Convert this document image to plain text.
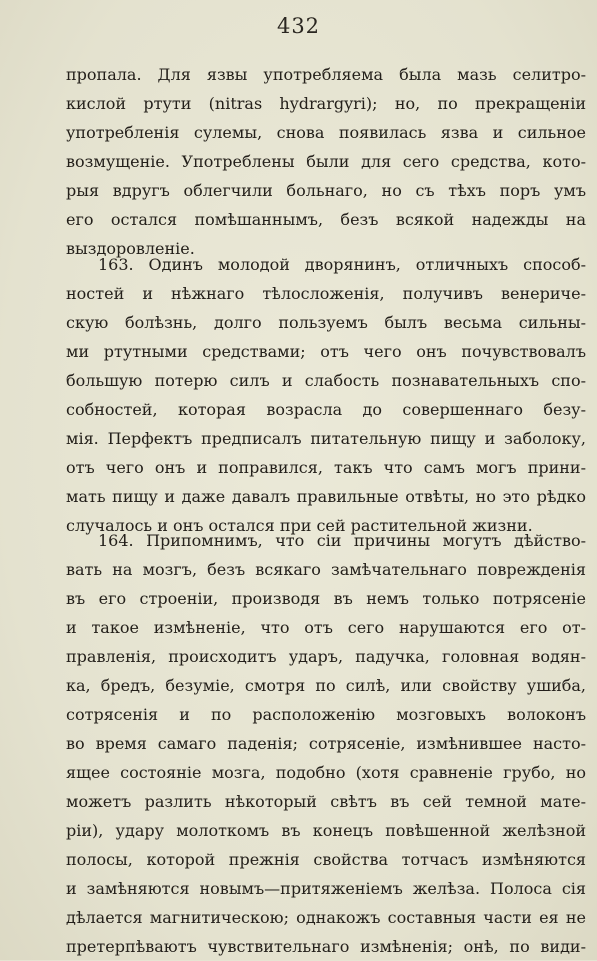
432
пропала. Для язвы употребляема была мазь селитро-
кислой ртути (nitras hydrargyri); но, по прекращеніи
употребленія сулемы, снова появилась язва и сильное
возмущеніе. Употреблены были для сего средства, кото-
рыя вдругъ облегчили больнаго, но съ тѣхъ поръ умъ
его остался помѣшаннымъ, безъ всякой надежды на
выздоровленіе.
163. Одинъ молодой дворянинъ, отличныхъ способ-
ностей и нѣжнаго тѣлосложенія, получивъ венериче-
скую болѣзнь, долго пользуемъ былъ весьма сильны-
ми ртутными средствами; отъ чего онъ почувствовалъ
большую потерю силъ и слабость познавательныхъ спо-
собностей, которая возрасла до совершеннаго безу-
мія. Перфектъ предписалъ питательную пищу и заболоку,
отъ чего онъ и поправился, такъ что самъ могъ прини-
мать пищу и даже давалъ правильные отвѣты, но это рѣдко
случалось и онъ остался при сей растительной жизни.
164. Припомнимъ, что сіи причины могутъ дѣйство-
вать на мозгъ, безъ всякаго замѣчательнаго поврежденія
въ его строеніи, производя въ немъ только потрясеніе
и такое измѣненіе, что отъ сего нарушаются его от-
правленія, происходитъ ударъ, падучка, головная водян-
ка, бредъ, безуміе, смотря по силѣ, или свойству ушиба,
сотрясенія и по расположенію мозговыхъ волоконъ
во время самаго паденія; сотрясеніе, измѣнившее насто-
ящее состояніе мозга, подобно (хотя сравненіе грубо, но
можетъ разлить нѣкоторый свѣтъ въ сей темной мате-
ріи), удару молоткомъ въ конецъ повѣшенной желѣзной
полосы, которой прежнія свойства тотчасъ измѣняются
и замѣняются новымъ—притяженіемъ желѣза. Полоса сія
дѣлается магнитическою; однакожъ составныя части ея не
претерпѣваютъ чувствительнаго измѣненія; онѣ, по види-
